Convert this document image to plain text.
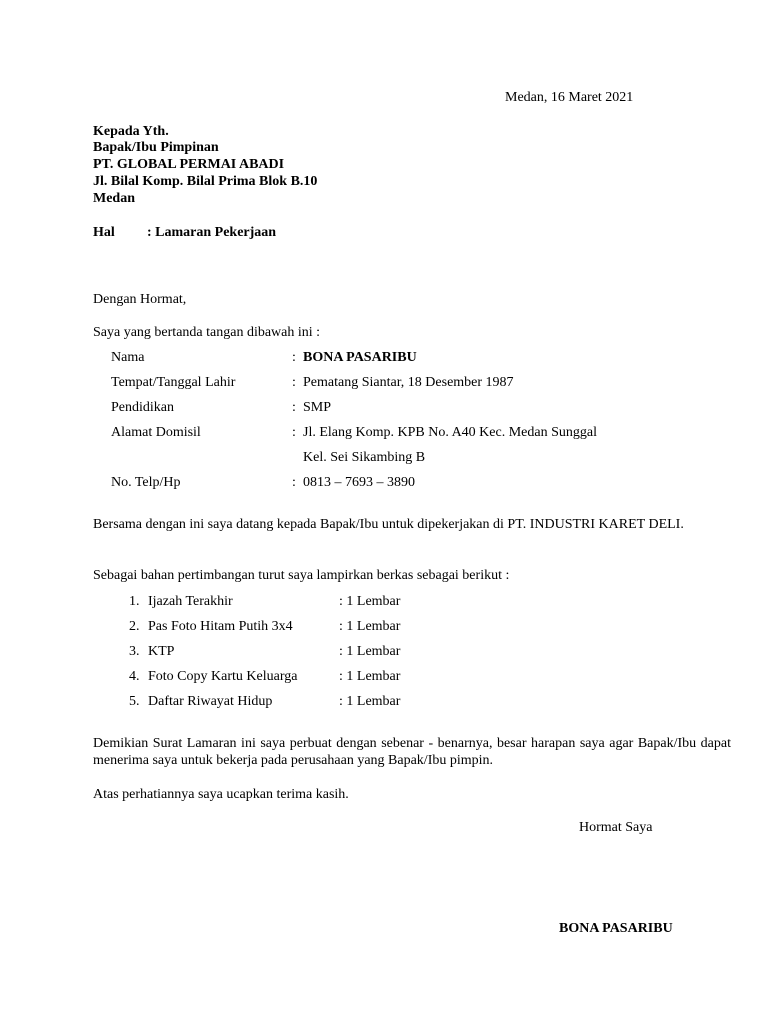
Medan, 16 Maret 2021
Kepada Yth.
Bapak/Ibu Pimpinan
PT. GLOBAL PERMAI ABADI
Jl. Bilal Komp. Bilal Prima Blok B.10
Medan
Hal : Lamaran Pekerjaan
Dengan Hormat,
Saya yang bertanda tangan dibawah ini :
Nama	: BONA PASARIBU
Tempat/Tanggal Lahir	: Pematang Siantar, 18 Desember 1987
Pendidikan	: SMP
Alamat Domisil	: Jl. Elang Komp. KPB No. A40 Kec. Medan Sunggal
Kel. Sei Sikambing B
No. Telp/Hp	: 0813 – 7693 – 3890
Bersama dengan ini saya datang kepada Bapak/Ibu untuk dipekerjakan di PT. INDUSTRI KARET DELI.
Sebagai bahan pertimbangan turut saya lampirkan berkas sebagai berikut :
1. Ijazah Terakhir	: 1 Lembar
2. Pas Foto Hitam Putih 3x4	: 1 Lembar
3. KTP	: 1 Lembar
4. Foto Copy Kartu Keluarga	: 1 Lembar
5. Daftar Riwayat Hidup	: 1 Lembar
Demikian Surat Lamaran ini saya perbuat dengan sebenar - benarnya, besar harapan saya agar Bapak/Ibu dapat menerima saya untuk bekerja pada perusahaan yang Bapak/Ibu pimpin.
Atas perhatiannya saya ucapkan terima kasih.
Hormat Saya
BONA PASARIBU
